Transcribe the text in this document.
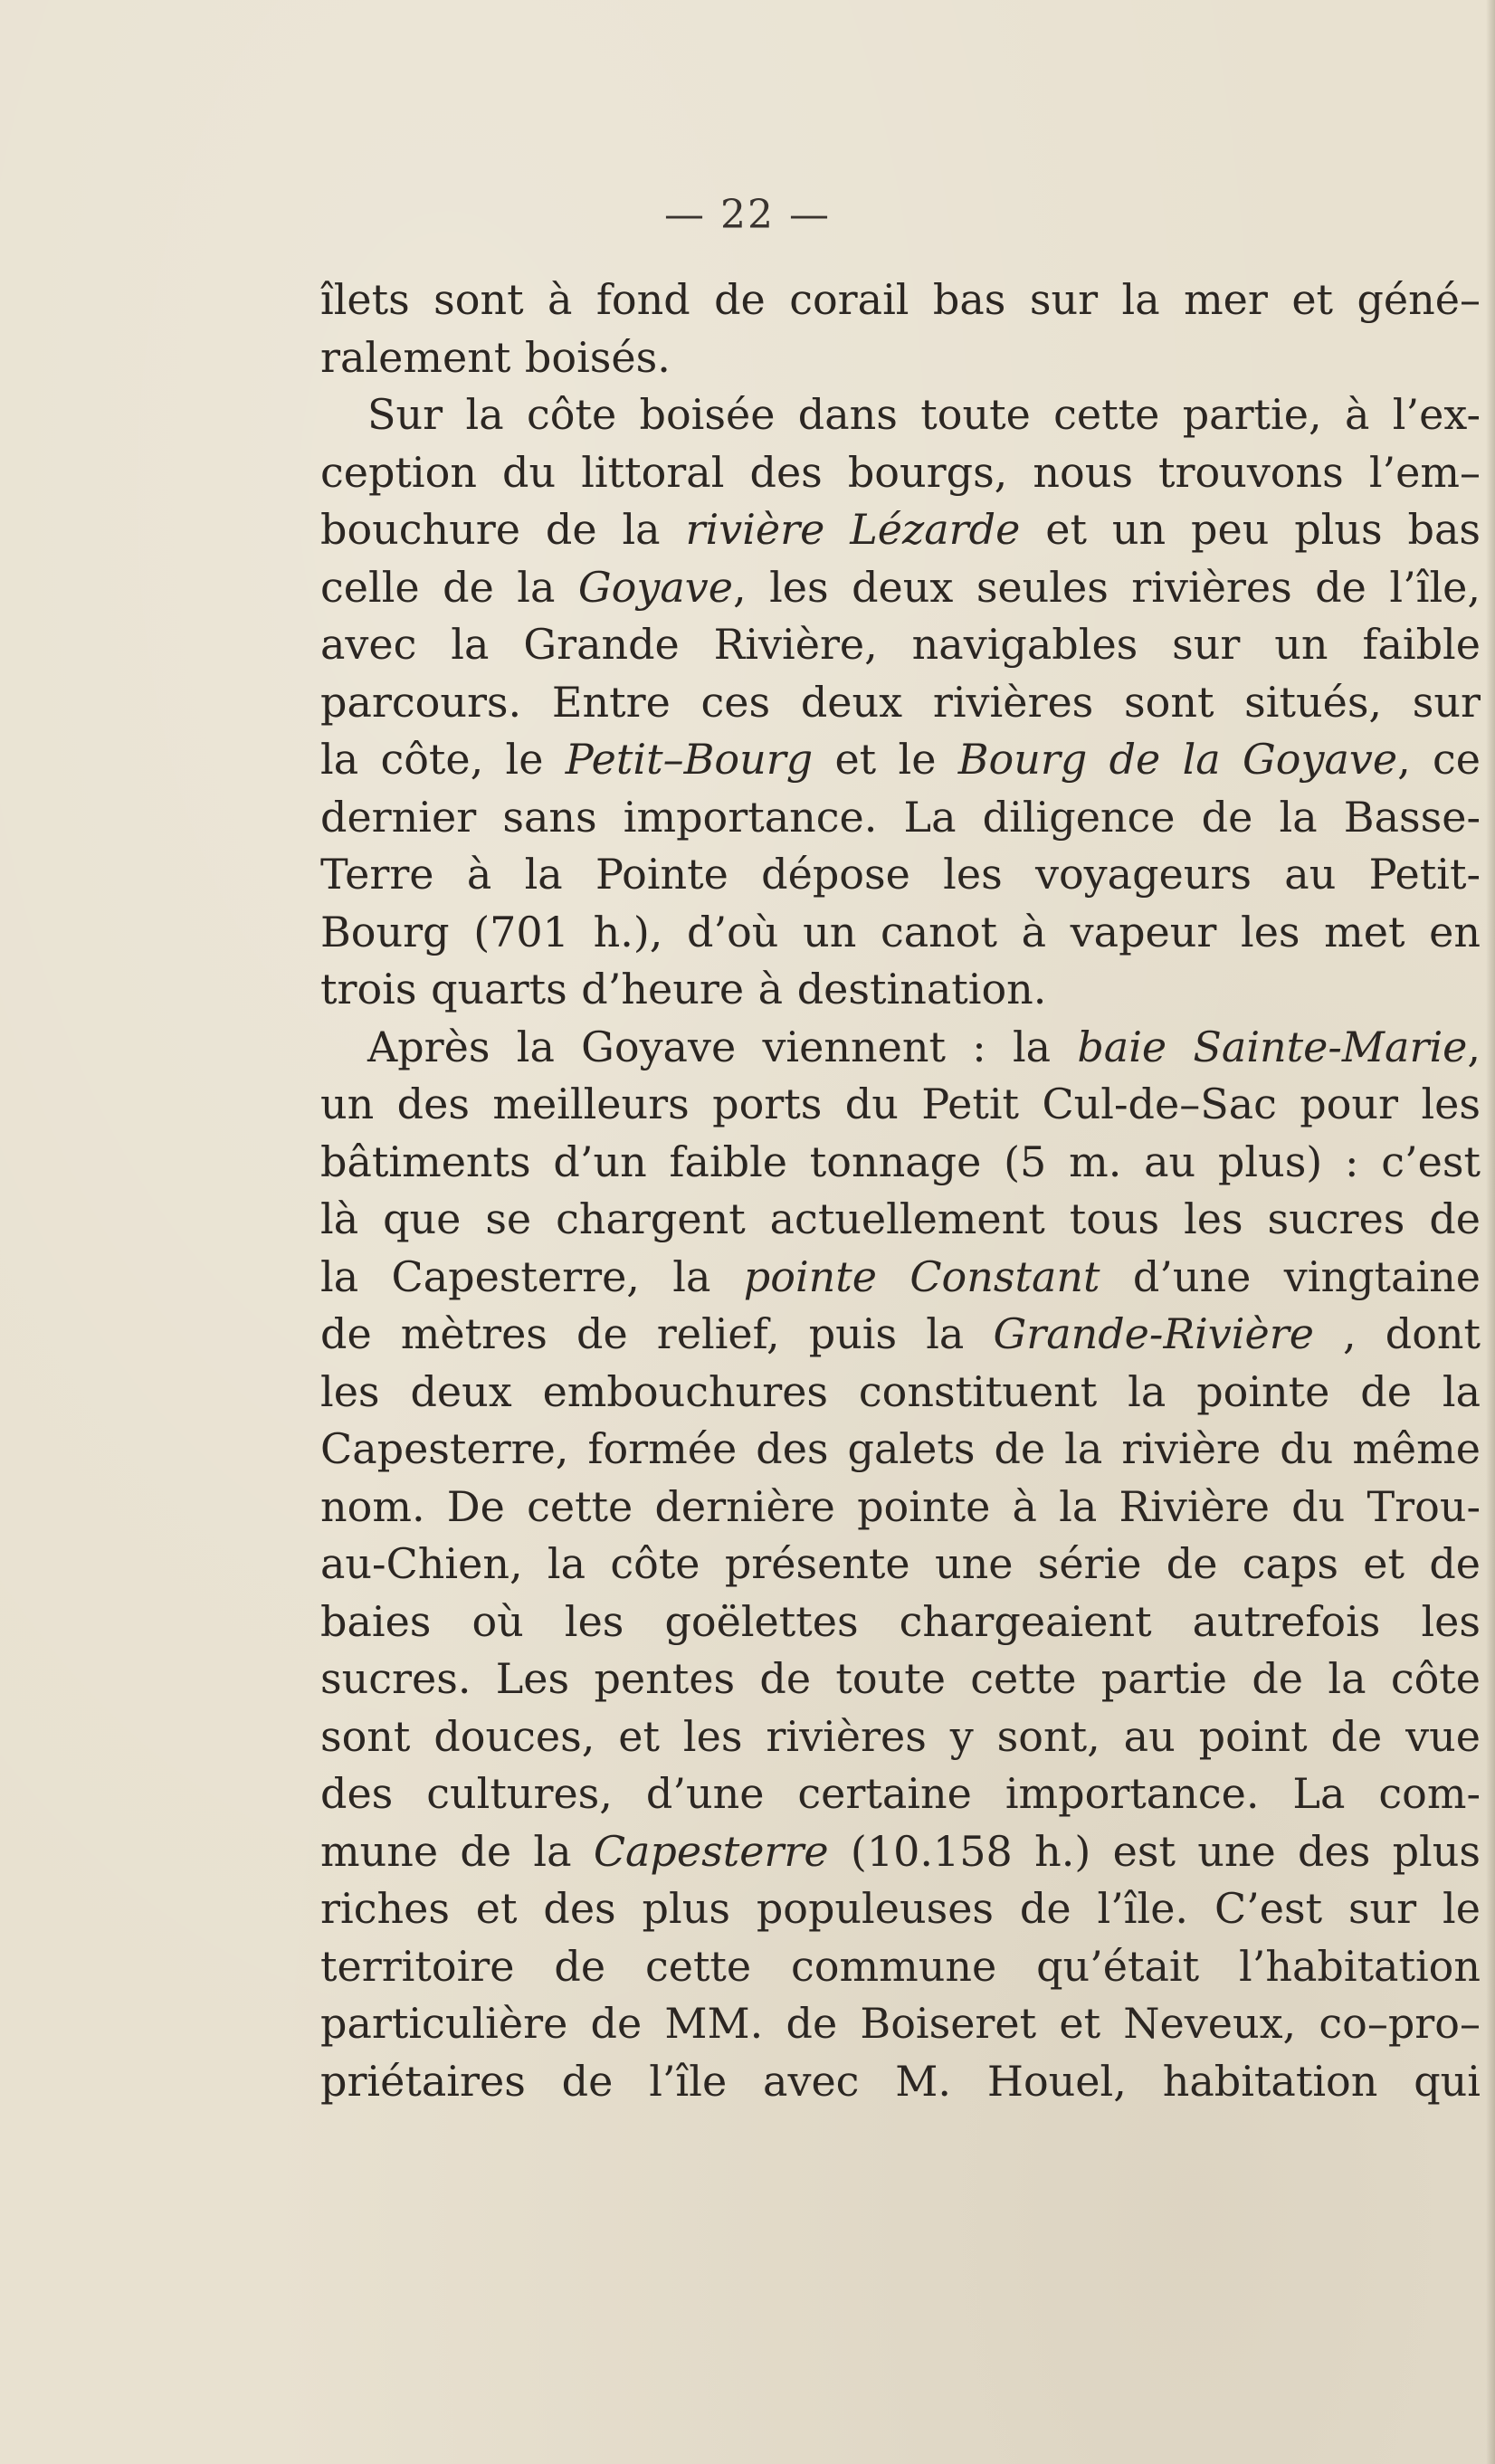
— 22 —
îlets sont à fond de corail bas sur la mer et géné–
ralement boisés.
Sur la côte boisée dans toute cette partie, à l’ex-
ception du littoral des bourgs, nous trouvons l’em–
bouchure de la rivière Lézarde et un peu plus bas
celle de la Goyave, les deux seules rivières de l’île,
avec la Grande Rivière, navigables sur un faible
parcours. Entre ces deux rivières sont situés, sur
la côte, le Petit–Bourg et le Bourg de la Goyave, ce
dernier sans importance. La diligence de la Basse-
Terre à la Pointe dépose les voyageurs au Petit-
Bourg (701 h.), d’où un canot à vapeur les met en
trois quarts d’heure à destination.
Après la Goyave viennent : la baie Sainte-Marie,
un des meilleurs ports du Petit Cul-de–Sac pour les
bâtiments d’un faible tonnage (5 m. au plus) : c’est
là que se chargent actuellement tous les sucres de
la Capesterre, la pointe Constant d’une vingtaine
de mètres de relief, puis la Grande-Rivière , dont
les deux embouchures constituent la pointe de la
Capesterre, formée des galets de la rivière du même
nom. De cette dernière pointe à la Rivière du Trou-
au-Chien, la côte présente une série de caps et de
baies où les goëlettes chargeaient autrefois les
sucres. Les pentes de toute cette partie de la côte
sont douces, et les rivières y sont, au point de vue
des cultures, d’une certaine importance. La com-
mune de la Capesterre (10.158 h.) est une des plus
riches et des plus populeuses de l’île. C’est sur le
territoire de cette commune qu’était l’habitation
particulière de MM. de Boiseret et Neveux, co–pro–
priétaires de l’île avec M. Houel, habitation qui
